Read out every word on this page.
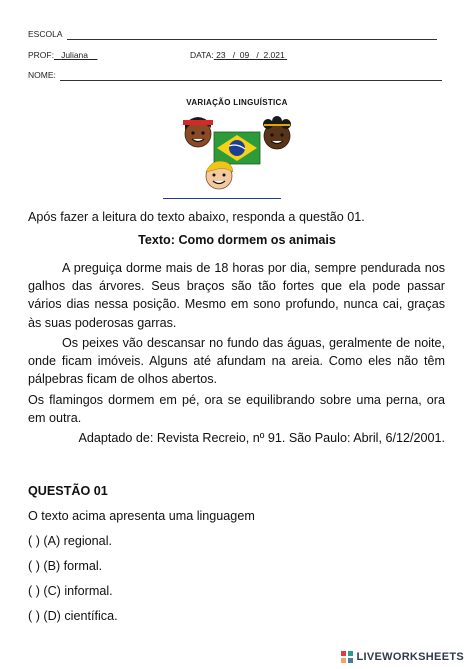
ESCOLA
PROF: Juliana	DATA: 23   /  09   /  2.021
NOME:
VARIAÇÃO LINGUÍSTICA
Após fazer a leitura do texto abaixo, responda a questão 01.
Texto: Como dormem os animais
A preguiça dorme mais de 18 horas por dia, sempre pendurada nos galhos das árvores. Seus braços são tão fortes que ela pode passar vários dias nessa posição. Mesmo em sono profundo, nunca cai, graças às suas poderosas garras.
Os peixes vão descansar no fundo das águas, geralmente de noite, onde ficam imóveis. Alguns até afundam na areia. Como eles não têm pálpebras ficam de olhos abertos.
Os flamingos dormem em pé, ora se equilibrando sobre uma perna, ora em outra.
Adaptado de: Revista Recreio, nº 91. São Paulo: Abril, 6/12/2001.
QUESTÃO 01
O texto acima apresenta uma linguagem
( ) (A) regional.
( ) (B) formal.
( ) (C) informal.
( ) (D) científica.
LIVEWORKSHEETS
